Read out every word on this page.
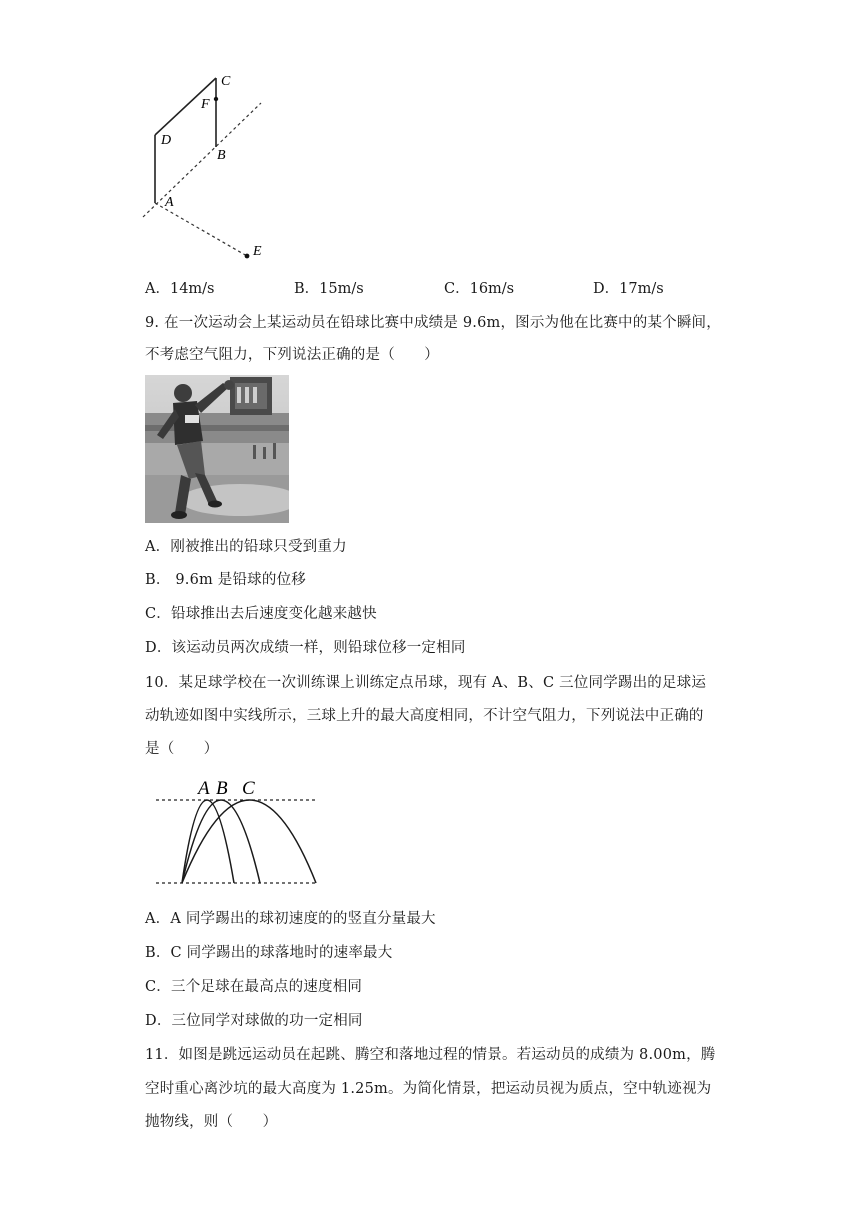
C
F
D
B
A
E
A．14m/s	B．15m/s	C．16m/s	D．17m/s
9. 在一次运动会上某运动员在铅球比赛中成绩是 9.6m，图示为他在比赛中的某个瞬间，
不考虑空气阻力，下列说法正确的是（　　）
A．刚被推出的铅球只受到重力
B． 9.6m 是铅球的位移
C．铅球推出去后速度变化越来越快
D．该运动员两次成绩一样，则铅球位移一定相同
10．某足球学校在一次训练课上训练定点吊球，现有 A、B、C 三位同学踢出的足球运
动轨迹如图中实线所示，三球上升的最大高度相同，不计空气阻力，下列说法中正确的
是（　　）
A B C
A．A 同学踢出的球初速度的的竖直分量最大
B．C 同学踢出的球落地时的速率最大
C．三个足球在最高点的速度相同
D．三位同学对球做的功一定相同
11．如图是跳远运动员在起跳、腾空和落地过程的情景。若运动员的成绩为 8.00m，腾
空时重心离沙坑的最大高度为 1.25m。为简化情景，把运动员视为质点，空中轨迹视为
抛物线，则（　　）
